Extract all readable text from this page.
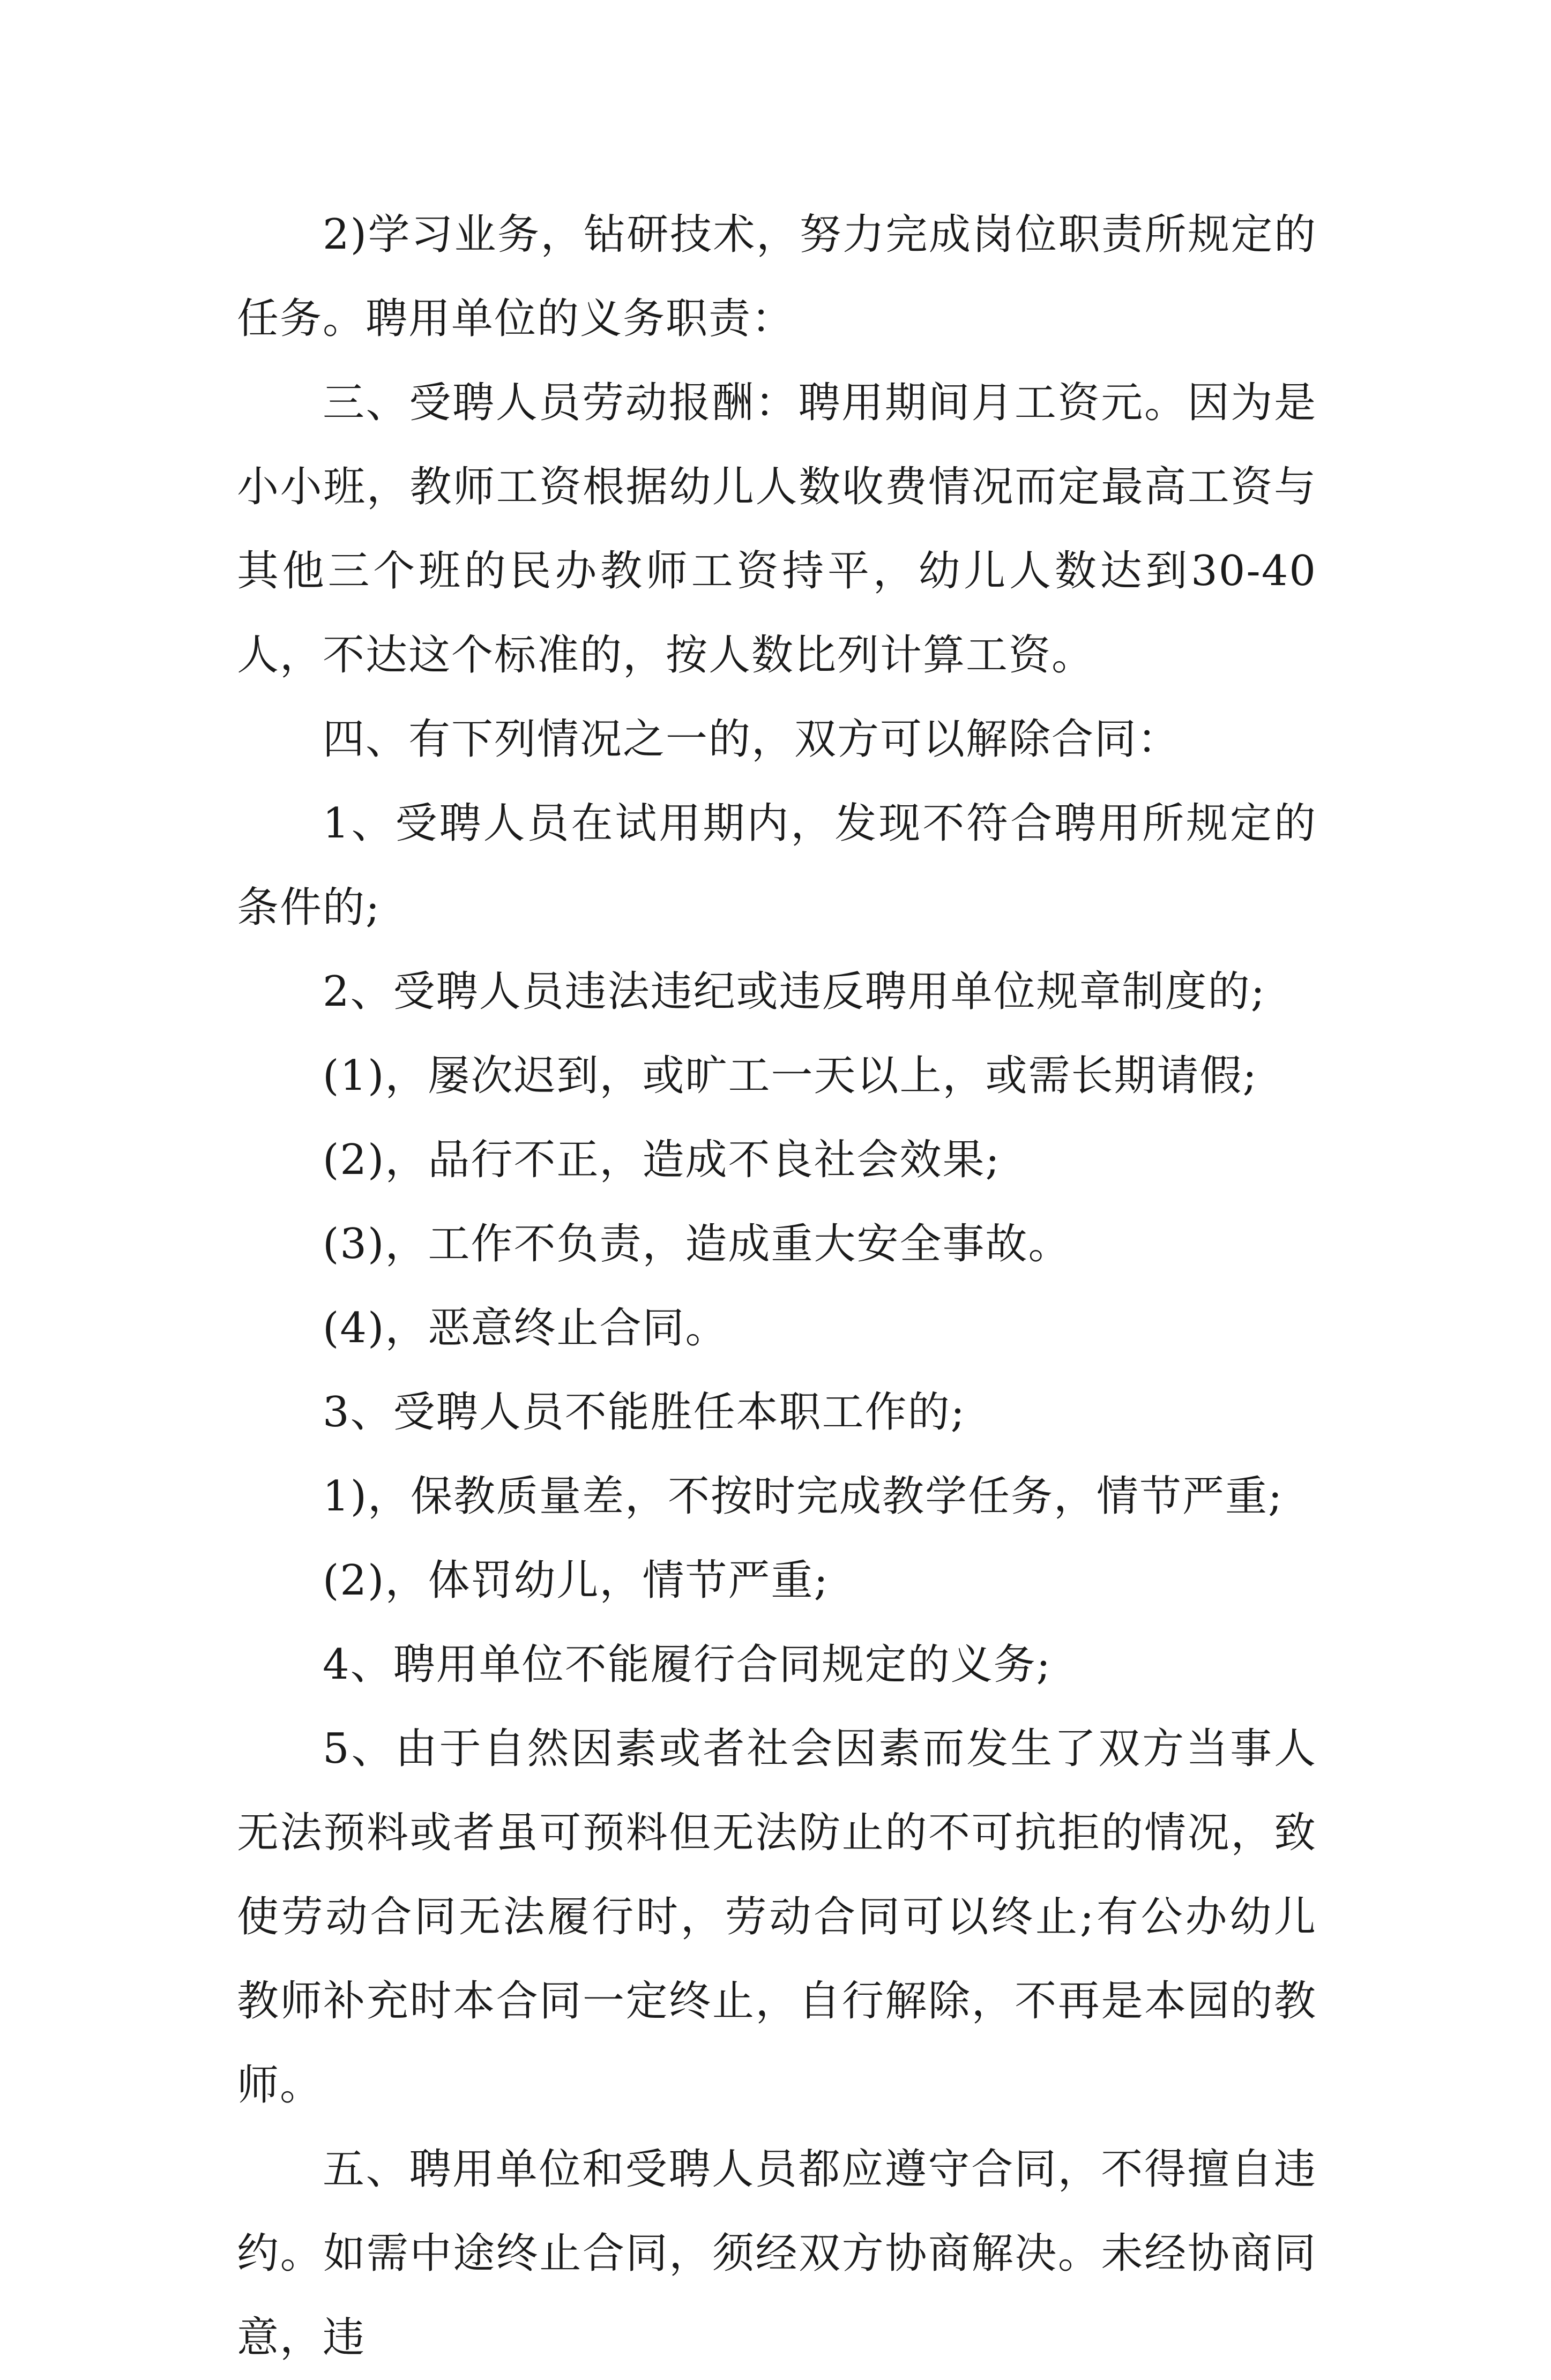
2)学习业务，钻研技术，努力完成岗位职责所规定的任务。聘用单位的义务职责：

三、受聘人员劳动报酬：聘用期间月工资元。因为是小小班，教师工资根据幼儿人数收费情况而定最高工资与其他三个班的民办教师工资持平，幼儿人数达到30-40人，不达这个标准的，按人数比列计算工资。

四、有下列情况之一的，双方可以解除合同：

1、受聘人员在试用期内，发现不符合聘用所规定的条件的;

2、受聘人员违法违纪或违反聘用单位规章制度的;

(1)，屡次迟到，或旷工一天以上，或需长期请假;

(2)，品行不正，造成不良社会效果;

(3)，工作不负责，造成重大安全事故。

(4)，恶意终止合同。

3、受聘人员不能胜任本职工作的;

1)，保教质量差，不按时完成教学任务，情节严重;

(2)，体罚幼儿，情节严重;

4、聘用单位不能履行合同规定的义务;

5、由于自然因素或者社会因素而发生了双方当事人无法预料或者虽可预料但无法防止的不可抗拒的情况，致使劳动合同无法履行时，劳动合同可以终止;有公办幼儿教师补充时本合同一定终止，自行解除，不再是本园的教师。

五、聘用单位和受聘人员都应遵守合同，不得擅自违约。如需中途终止合同，须经双方协商解决。未经协商同意，违
